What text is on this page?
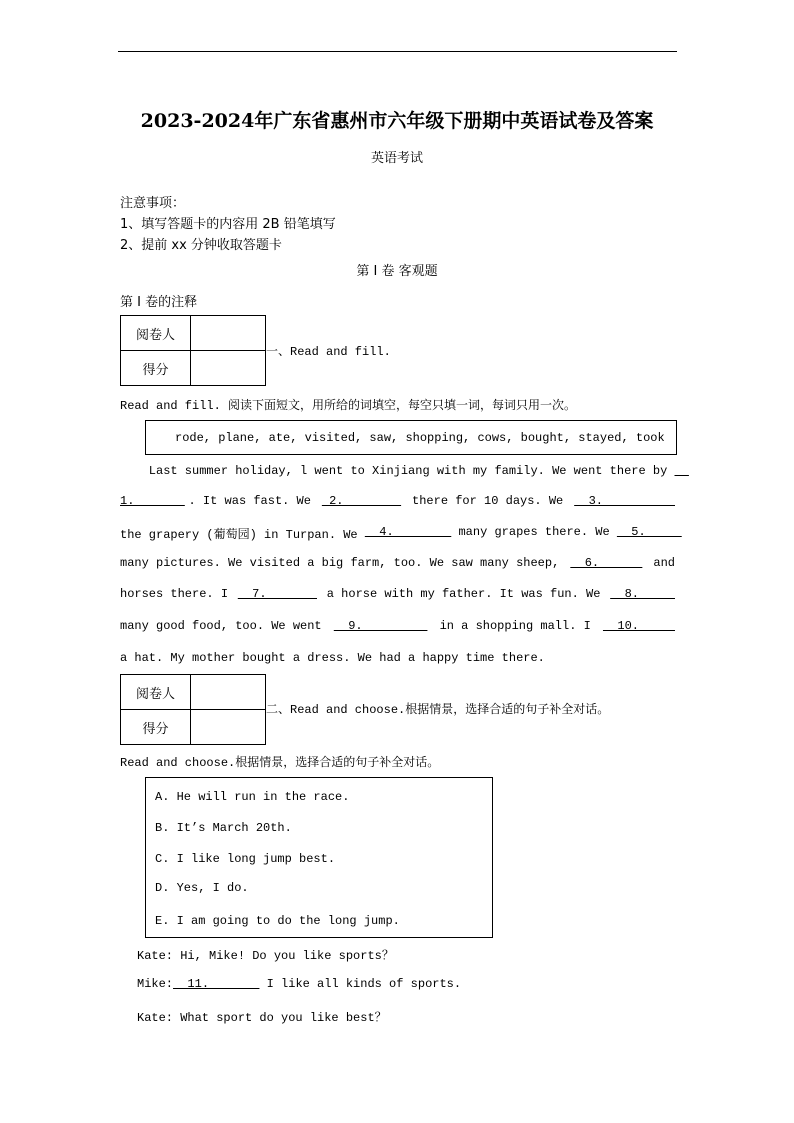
2023-2024年广东省惠州市六年级下册期中英语试卷及答案
英语考试
注意事项：
1、填写答题卡的内容用 2B 铅笔填写
2、提前 xx 分钟收取答题卡
第 I 卷 客观题
第 I 卷的注释
阅卷人	
得分	
一、Read and fill.
Read and fill. 阅读下面短文，用所给的词填空，每空只填一词，每词只用一次。
rode, plane, ate, visited, saw, shopping, cows, bought, stayed, took
Last summer holiday, l went to Xinjiang with my family. We went there by

1. . It was fast. We 2. there for 10 days. We 3.
the grapery (葡萄园) in Turpan. We 4. many grapes there. We 5.
many pictures. We visited a big farm, too. We saw many sheep, 6. and
horses there. I 7. a horse with my father. It was fun. We 8.
many good food, too. We went 9. in a shopping mall. I 10.
a hat. My mother bought a dress. We had a happy time there.
阅卷人	
得分	
二、Read and choose.根据情景，选择合适的句子补全对话。
Read and choose.根据情景，选择合适的句子补全对话。
A. He will run in the race.
B. It’s March 20th.
C. I like long jump best.
D. Yes, I do.
E. I am going to do the long jump.
Kate: Hi, Mike! Do you like sports？
Mike: 11. I like all kinds of sports.
Kate: What sport do you like best？
